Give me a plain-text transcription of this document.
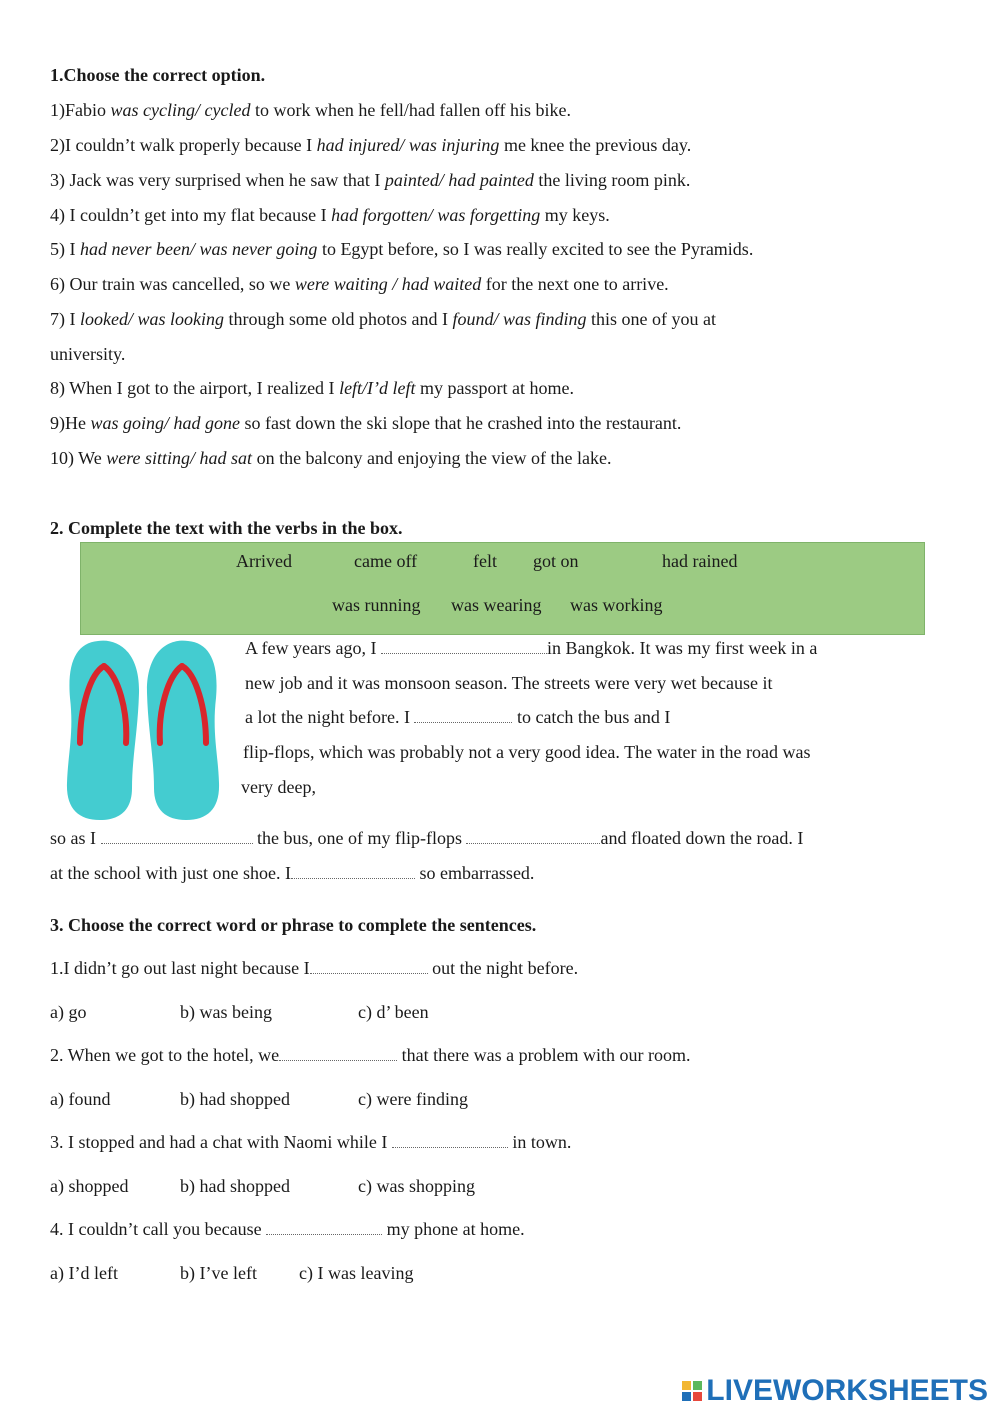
1.Choose the correct option.
1)Fabio was cycling/ cycled to work when he fell/had fallen off his bike.
2)I couldn’t walk properly because I had injured/ was injuring me knee the previous day.
3) Jack was very surprised when he saw that I painted/ had painted the living room pink.
4) I couldn’t get into my flat because I had forgotten/ was forgetting my keys.
5) I had never been/ was never going to Egypt before, so I was really excited to see the Pyramids.
6) Our train was cancelled, so we were waiting / had waited for the next one to arrive.
7) I looked/ was looking through some old photos and I found/ was finding this one of you at
university.
8) When I got to the airport, I realized I left/I’d left my passport at home.
9)He was going/ had gone so fast down the ski slope that he crashed into the restaurant.
10) We were sitting/ had sat on the balcony and enjoying the view of the lake.
2. Complete the text with the verbs in the box.
Arrived	came off	felt got on	had rained
was running was wearing was working
A few years ago, I	in Bangkok. It was my first week in a
new job and it was monsoon season. The streets were very wet because it
a lot the night before. I	to catch the bus and I
flip-flops, which was probably not a very good idea. The water in the road was
very deep,
so as I	the bus, one of my flip-flops	and floated down the road. I
at the school with just one shoe. I	so embarrassed.
3. Choose the correct word or phrase to complete the sentences.
1.I didn’t go out last night because I	out the night before.
a) go	b) was being	c) d’ been
2. When we got to the hotel, we	that there was a problem with our room.
a) found	b) had shopped	c) were finding
3. I stopped and had a chat with Naomi while I	in town.
a) shopped	b) had shopped	c) was shopping
4. I couldn’t call you because	my phone at home.
a) I’d left	b) I’ve left c) I was leaving
LIVEWORKSHEETS
